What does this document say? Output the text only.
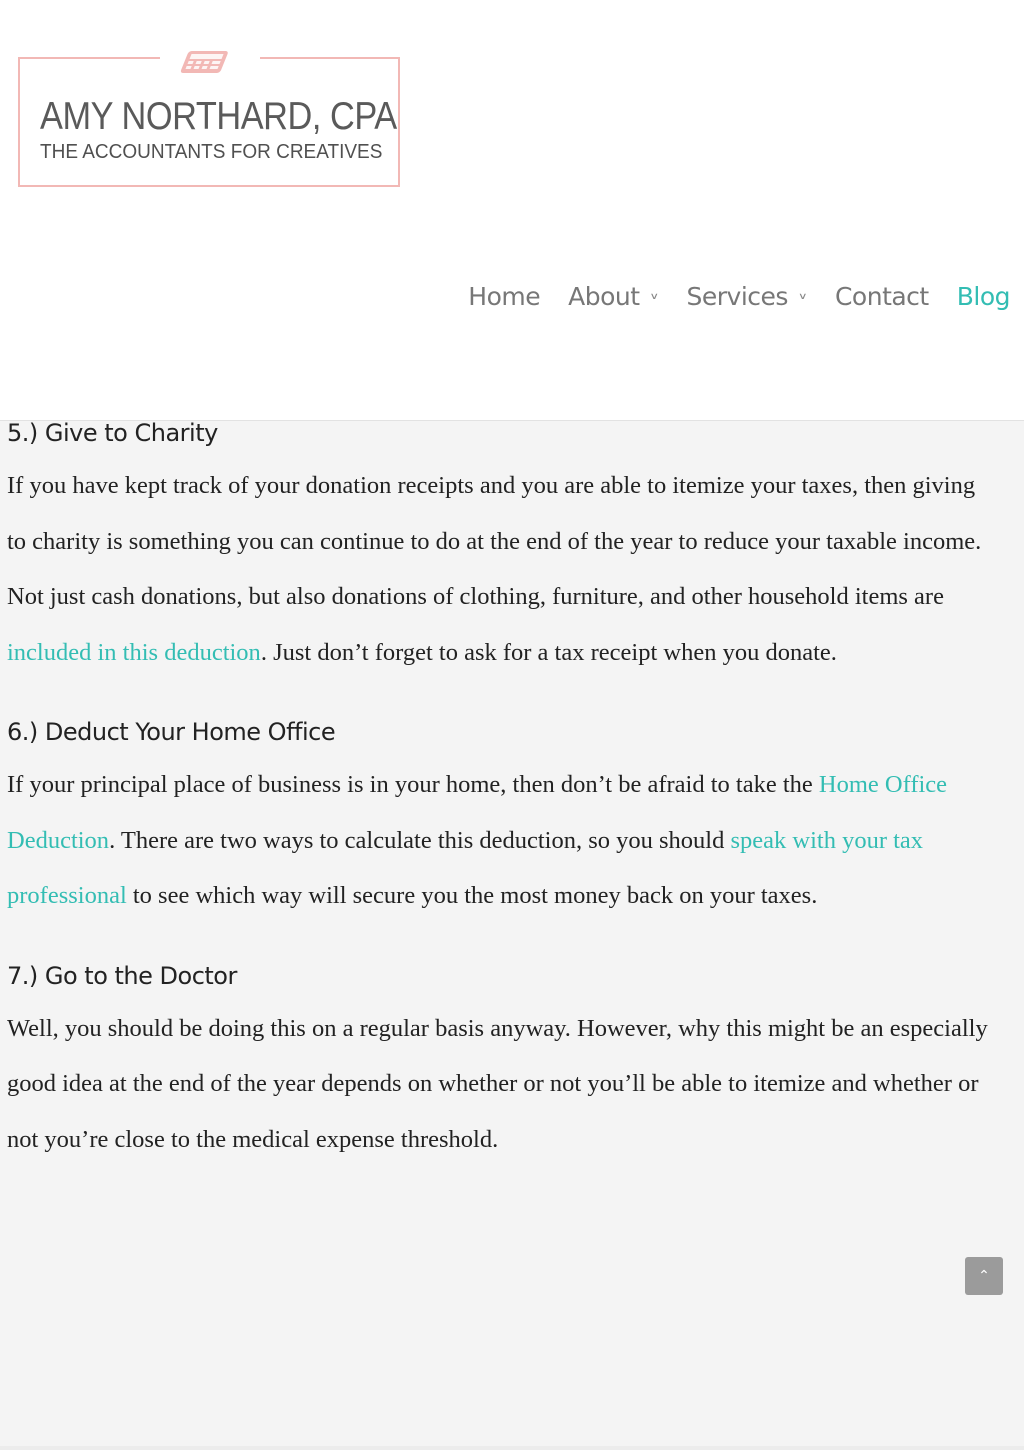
AMY NORTHARD, CPA
THE ACCOUNTANTS FOR CREATIVES
Home About ∨ Services ∨ Contact Blog
5.) Give to Charity

If you have kept track of your donation receipts and you are able to itemize your taxes, then giving to charity is something you can continue to do at the end of the year to reduce your taxable income. Not just cash donations, but also donations of clothing, furniture, and other household items are included in this deduction. Just don’t forget to ask for a tax receipt when you donate.

6.) Deduct Your Home Office

If your principal place of business is in your home, then don’t be afraid to take the Home Office Deduction. There are two ways to calculate this deduction, so you should speak with your tax professional to see which way will secure you the most money back on your taxes.

7.) Go to the Doctor

Well, you should be doing this on a regular basis anyway. However, why this might be an especially good idea at the end of the year depends on whether or not you’ll be able to itemize and whether or not you’re close to the medical expense threshold.

⌃
